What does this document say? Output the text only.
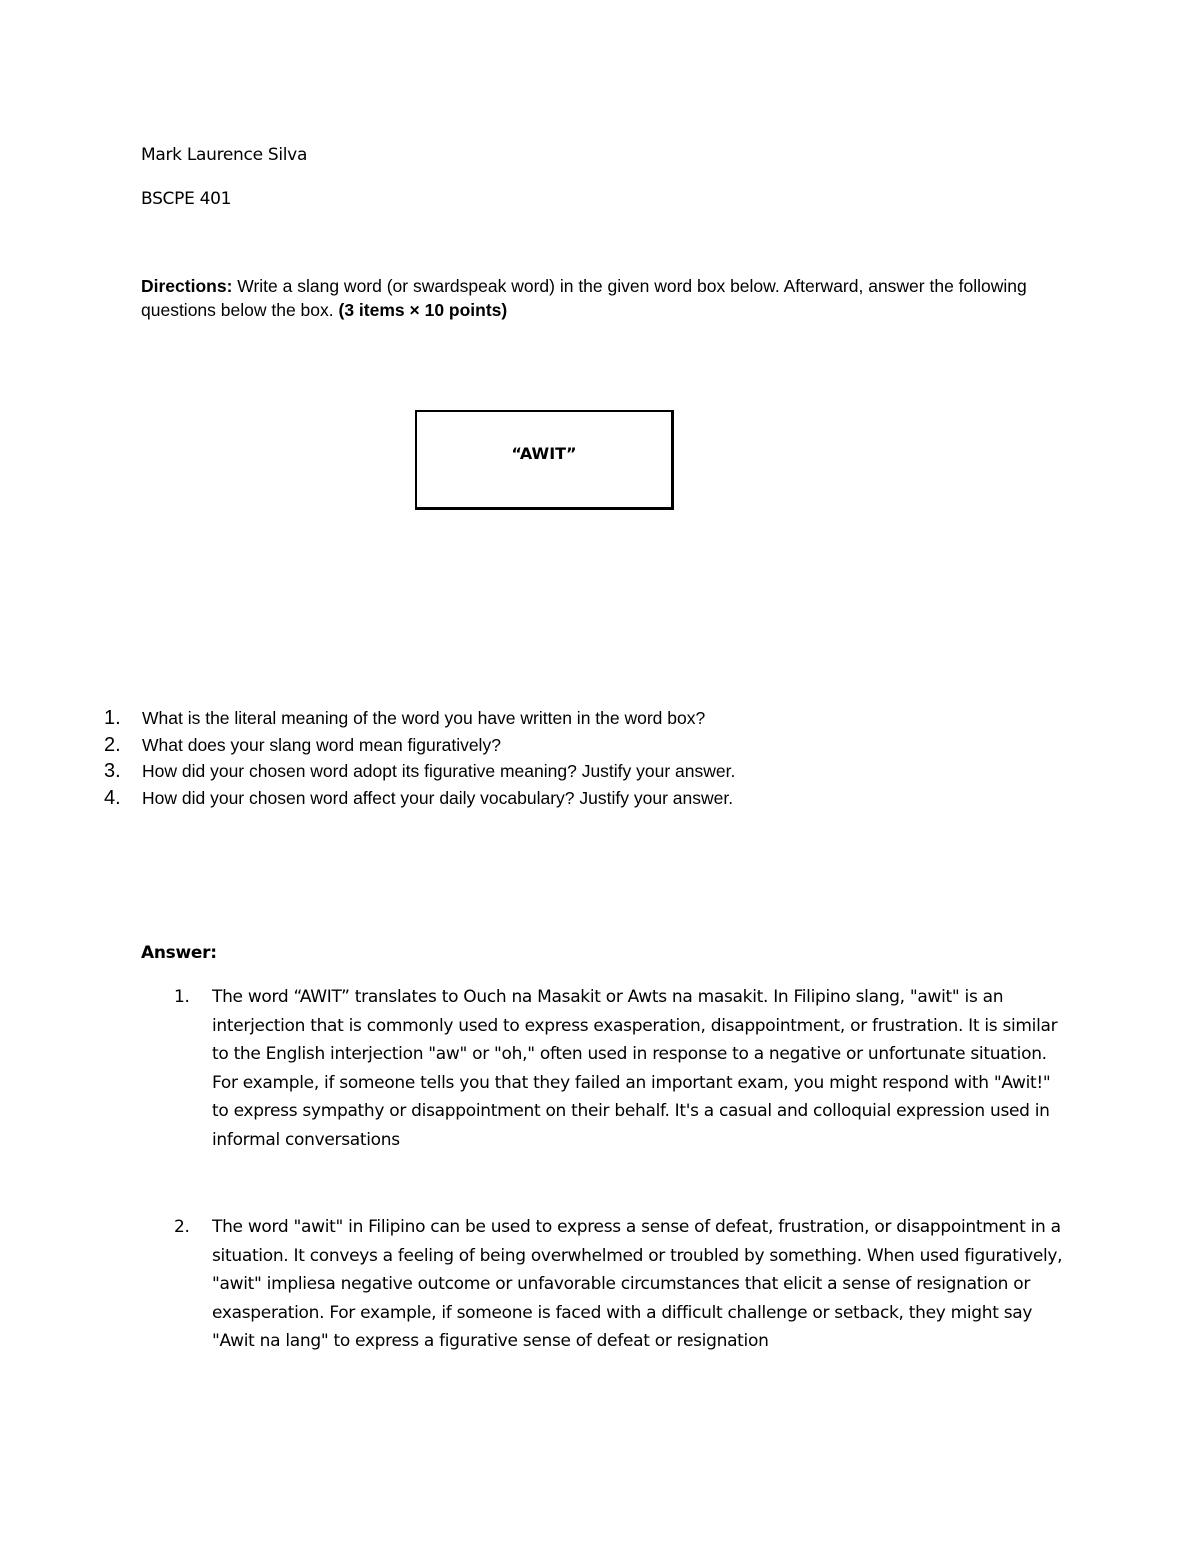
Mark Laurence Silva
BSCPE 401
Directions: Write a slang word (or swardspeak word) in the given word box below. Afterward, answer the following questions below the box. (3 items × 10 points)
“AWIT”
1. What is the literal meaning of the word you have written in the word box?
2. What does your slang word mean figuratively?
3. How did your chosen word adopt its figurative meaning? Justify your answer.
4. How did your chosen word affect your daily vocabulary? Justify your answer.
Answer:
1. The word “AWIT” translates to Ouch na Masakit or Awts na masakit. In Filipino slang, "awit" is an interjection that is commonly used to express exasperation, disappointment, or frustration. It is similar to the English interjection "aw" or "oh," often used in response to a negative or unfortunate situation. For example, if someone tells you that they failed an important exam, you might respond with "Awit!" to express sympathy or disappointment on their behalf. It's a casual and colloquial expression used in informal conversations
2. The word "awit" in Filipino can be used to express a sense of defeat, frustration, or disappointment in a situation. It conveys a feeling of being overwhelmed or troubled by something. When used figuratively, "awit" impliesa negative outcome or unfavorable circumstances that elicit a sense of resignation or exasperation. For example, if someone is faced with a difficult challenge or setback, they might say "Awit na lang" to express a figurative sense of defeat or resignation
